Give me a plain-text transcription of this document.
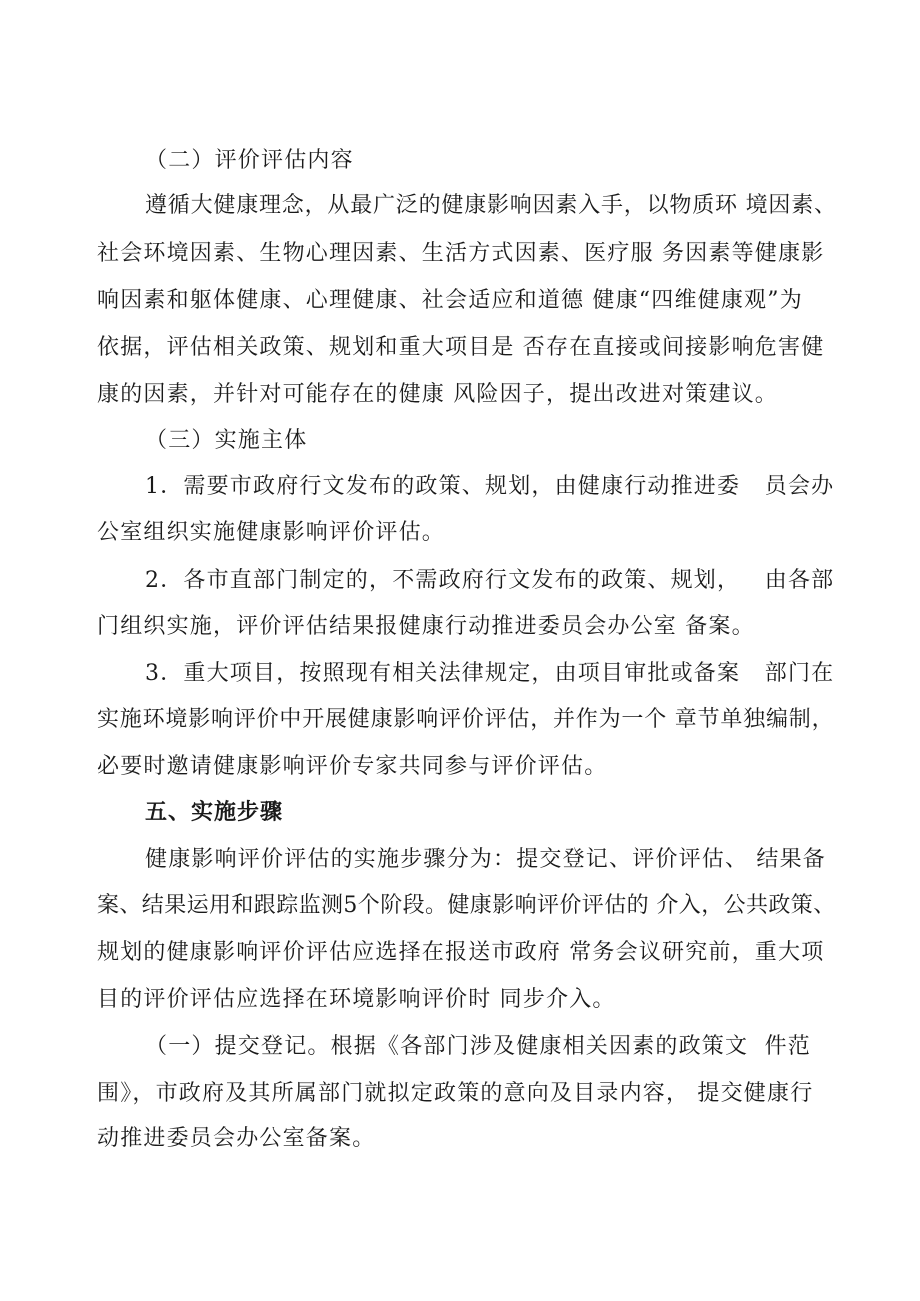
（二）评价评估内容
遵循大健康理念，从最广泛的健康影响因素入手，以物质环 境因素、
社会环境因素、生物心理因素、生活方式因素、医疗服 务因素等健康影
响因素和躯体健康、心理健康、社会适应和道德 健康“四维健康观”为
依据，评估相关政策、规划和重大项目是 否存在直接或间接影响危害健
康的因素，并针对可能存在的健康 风险因子，提出改进对策建议。
（三）实施主体
1．需要市政府行文发布的政策、规划，由健康行动推进委   员会办
公室组织实施健康影响评价评估。
2．各市直部门制定的，不需政府行文发布的政策、规划，   由各部
门组织实施，评价评估结果报健康行动推进委员会办公室 备案。
3．重大项目，按照现有相关法律规定，由项目审批或备案   部门在
实施环境影响评价中开展健康影响评价评估，并作为一个 章节单独编制，
必要时邀请健康影响评价专家共同参与评价评估。
五、实施步骤
健康影响评价评估的实施步骤分为：提交登记、评价评估、 结果备
案、结果运用和跟踪监测5个阶段。健康影响评价评估的 介入，公共政策、
规划的健康影响评价评估应选择在报送市政府 常务会议研究前，重大项
目的评价评估应选择在环境影响评价时 同步介入。
（一）提交登记。根据《各部门涉及健康相关因素的政策文  件范
围》，市政府及其所属部门就拟定政策的意向及目录内容， 提交健康行
动推进委员会办公室备案。
